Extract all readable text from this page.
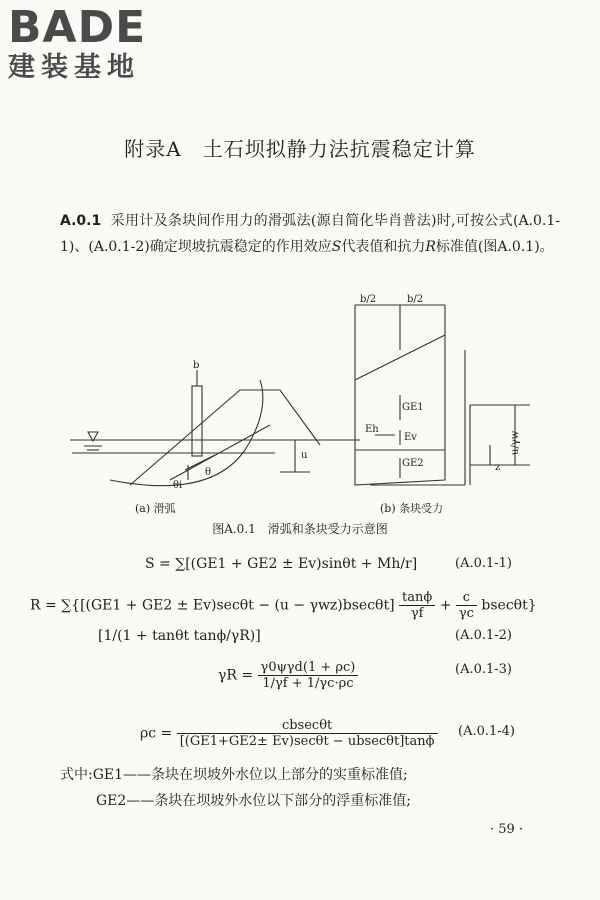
BADE
建装基地
附录A　土石坝拟静力法抗震稳定计算
A.0.1 采用计及条块间作用力的滑弧法(源自简化毕肖普法)时,可按公式(A.0.1-1)、(A.0.1-2)确定坝坡抗震稳定的作用效应S代表值和抗力R标准值(图A.0.1)。
b
θ
θi
u
b/2	b/2
GE1
GE2
Eh
Ev
z
u/γw
(a) 滑弧	(b) 条块受力
图A.0.1　滑弧和条块受力示意图
S = ∑[(GE1 + GE2 ± Ev)sinθt + Mh/r]	(A.0.1-1)
$R = \sum\{[(GE1 + GE2 \pm Ev)\sec\theta t - (u - \gamma wz)bsec\theta t] \frac{\tan\phi}{\gamma f} + \frac{c}{\gamma c} bsec\theta t\}$
[1/(1 + tanθt tanϕ/γR)]	(A.0.1-2)
$\gamma R = \frac{\text{γ0ψγd(1 + ρc)}}{1/\gamma f + 1/\gamma c\cdot\rho c}$	(A.0.1-3)
$\rho c = \frac{cbsec\theta t}{[(GE1+GE2\pm Ev)\sec\theta t - ubsec\theta t]\tan\phi} (A.0.1-4)$
式中:GE1——条块在坝坡外水位以上部分的实重标准值;
GE2——条块在坝坡外水位以下部分的浮重标准值;
· 59 ·
